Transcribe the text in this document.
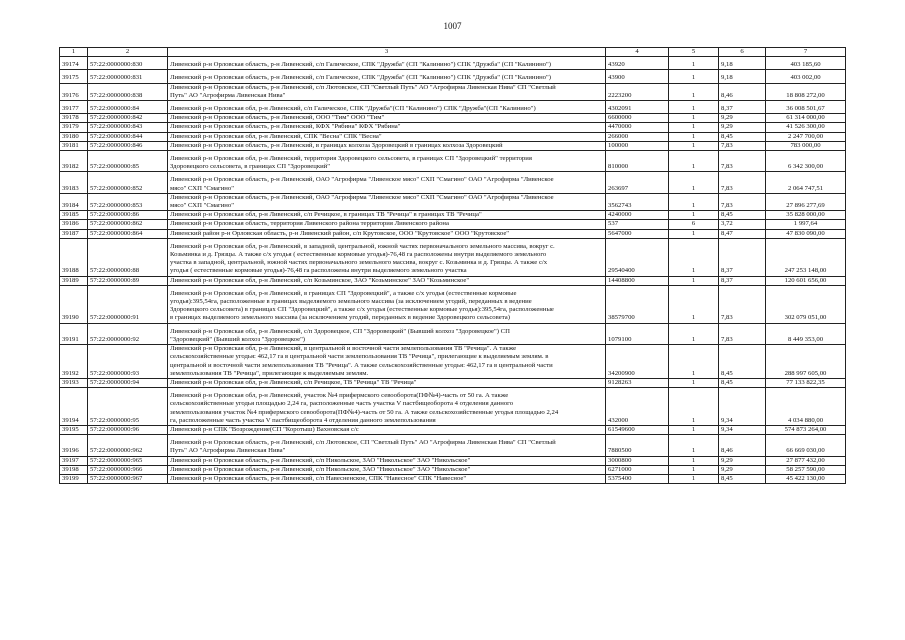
1007
1	2	3	4	5	6	7
39174	57:22:0000000:830	Ливенский р-н Орловская область, р-н Ливенский, с/п Галическое, СПК "Дружба" (СП "Калинино") СПК "Дружба" (СП "Калинино")	43920	1	9,18	403 185,60
39175	57:22:0000000:831	Ливенский р-н Орловская область, р-н Ливенский, с/п Галическое, СПК "Дружба" (СП "Калинино") СПК "Дружба" (СП "Калинино")	43900	1	9,18	403 002,00
39176	57:22:0000000:838	Ливенский р-н Орловская область, р-н Ливенский, с/п Лютовское, СП "Светлый Путь" АО "Агрофирма Ливенская Нива" СП "Светлый
Путь" АО "Агрофирма Ливенская Нива"	2223200	1	8,46	18 808 272,00
39177	57:22:0000000:84	Ливенский р-н Орловская обл, р-н Ливенский, с/п Галическое, СПК "Дружба"(СП "Калинино") СПК "Дружба"(СП "Калинино")	4302091	1	8,37	36 008 501,67
39178	57:22:0000000:842	Ливенский р-н Орловская область, р-н Ливенский, ООО "Тим" ООО "Тим"	6600000	1	9,29	61 314 000,00
39179	57:22:0000000:843	Ливенский р-н Орловская область, р-н Ливенский, КФХ "Рябина" КФХ "Рябина"	4470000	1	9,29	41 526 300,00
39180	57:22:0000000:844	Ливенский р-н Орловская обл, р-н Ливенский, СПК "Весна" СПК "Весна"	266000	1	8,45	2 247 700,00
39181	57:22:0000000:846	Ливенский р-н Орловская область, р-н Ливенский, в границах колхоза Здоровецкий в границах колхоза Здоровецкий	100000	1	7,83	783 000,00
39182	57:22:0000000:85	Ливенский р-н Орловская обл, р-н Ливенский, территория Здоровецкого сельсовета, в границах СП "Здоровецкий" территория
Здоровецкого сельсовета, в границах СП "Здоровецкий"	810000	1	7,83	6 342 300,00
39183	57:22:0000000:852	Ливенский р-н Орловская область, р-н Ливенский, ОАО "Агрофирма "Ливенское мясо" СХП "Смагино" ОАО "Агрофирма "Ливенское
мясо" СХП "Смагино"	263697	1	7,83	2 064 747,51
39184	57:22:0000000:853	Ливенский р-н Орловская область, р-н Ливенский, ОАО "Агрофирма "Ливенское мясо" СХП "Смагино" ОАО "Агрофирма "Ливенское
мясо" СХП "Смагино"	3562743	1	7,83	27 896 277,69
39185	57:22:0000000:86	Ливенский р-н Орловская обл, р-н Ливенский, с/п Речицкое, в границах ТВ "Речица" в границах ТВ "Речица"	4240000	1	8,45	35 828 000,00
39186	57:22:0000000:862	Ливенский р-н Орловская область, территория Ливенского района территория Ливенского района	537	6	3,72	1 997,64
39187	57:22:0000000:864	Ливенский район р-н Орловская область, р-н Ливенский район, с/п Крутовское, ООО "Крутовское" ООО "Крутовское"	5647000	1	8,47	47 830 090,00
39188	57:22:0000000:88	Ливенский р-н Орловская обл, р-н Ливенский, в западной, центральной, южной частях первоначального земельного массива, вокруг с.
Козьминка и д. Грязцы. А также с/х угодья ( естественные кормовые угодья)-76,48 га расположены внутри выделяемого земельного
участка в западной, центральной, южной частях первоначального земельного массива, вокруг с. Козьминка и д. Грязцы. А также с/х
угодья ( естественные кормовые угодья)-76,48 га расположены внутри выделяемого земельного участка	29540400	1	8,37	247 253 148,00
39189	57:22:0000000:89	Ливенский р-н Орловская обл, р-н Ливенский, с/п Козьминское, ЗАО "Козьминское" ЗАО "Козьминское"	14408800	1	8,37	120 601 656,00
39190	57:22:0000000:91	Ливенский р-н Орловская обл, р-н Ливенский, в границах СП "Здоровецкий", а также с/х угодья (естественные кормовые
угодья):395,54га, расположенные в границах выделяемого земельного массива (за исключением угодий, переданных в ведение
Здоровецкого сельсовета) в границах СП "Здоровецкий", а также с/х угодья (естественные кормовые угодья):395,54га, расположенные
в границах выделяемого земельного массива (за исключением угодий, переданных в ведение Здоровецкого сельсовета)	38579700	1	7,83	302 079 051,00
39191	57:22:0000000:92	Ливенский р-н Орловская обл, р-н Ливенский, с/п Здоровецкое, СП "Здоровецкий" (Бывший колхоз "Здоровецкое") СП
"Здоровецкий" (Бывший колхоз "Здоровецкое")	1079100	1	7,83	8 449 353,00
39192	57:22:0000000:93	Ливенский р-н Орловская обл, р-н Ливенский, в центральной и восточной части землепользования ТВ "Речица". А также
сельскохозяйственные угодья: 462,17 га в центральной части землепользования ТВ "Речица", прилегающие к выделяемым землям. в
центральной и восточной части землепользования ТВ "Речица". А также сельскохозяйственные угодья: 462,17 га в центральной части
землепользования ТВ "Речица", прилегающие к выделяемым землям.	34200900	1	8,45	288 997 605,00
39193	57:22:0000000:94	Ливенский р-н Орловская обл, р-н Ливенский, с/п Речицкое, ТВ "Речица" ТВ "Речица"	9128263	1	8,45	77 133 822,35
39194	57:22:0000000:95	Ливенский р-н Орловская обл, р-н Ливенский, участок №4 прифермского севооборота(ПФ№4)-часть от 50 га. А также
сельскохозяйственные угодья площадью 2,24 га, расположенные часть участка V пастбищеоборота 4 отделения данного
землепользования участок №4 прифермского севооборота(ПФ№4)-часть от 50 га. А также сельскохозяйственные угодья площадью 2,24
га, расположенные часть участка V пастбищеоборота 4 отделения данного землепользования	432000	1	9,34	4 034 880,00
39195	57:22:0000000:96	Ливенский р-н СПК "Возрождение(СП "Коротыш) Вахновская с/с	61549600	1	9,34	574 873 264,00
39196	57:22:0000000:962	Ливенский р-н Орловская область, р-н Ливенский, с/п Лютовское, СП "Светлый Путь" АО "Агрофирма Ливенская Нива" СП "Светлый
Путь" АО "Агрофирма Ливенская Нива"	7880500	1	8,46	66 669 030,00
39197	57:22:0000000:965	Ливенский р-н Орловская область, р-н Ливенский, с/п Никольское, ЗАО "Никольское" ЗАО "Никольское"	3000800	1	9,29	27 877 432,00
39198	57:22:0000000:966	Ливенский р-н Орловская область, р-н Ливенский, с/п Никольское, ЗАО "Никольское" ЗАО "Никольское"	6271000	1	9,29	58 257 590,00
39199	57:22:0000000:967	Ливенский р-н Орловская область, р-н Ливенский, с/п Навесненское, СПК "Навесное" СПК "Навесное"	5375400	1	8,45	45 422 130,00
